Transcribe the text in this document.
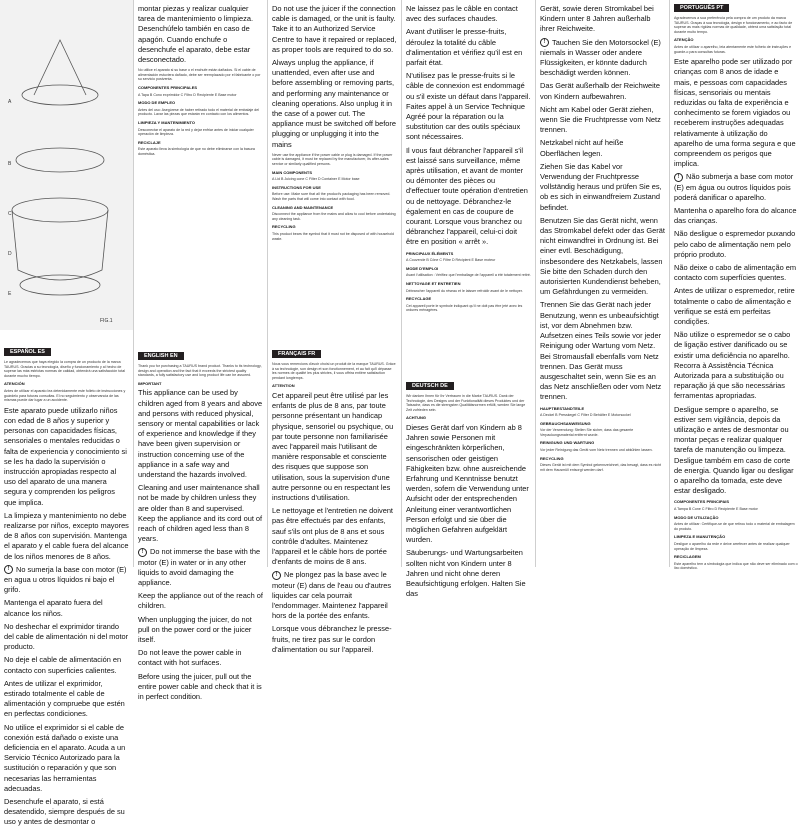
A
B
C
D
E
FIG.1
ESPAÑOL ES

Le agradecemos que haya elegido la compra de un producto de la marca TAURUS. Gracias a su tecnología, diseño y funcionamiento y al hecho de superar las más estrictas normas de calidad, obtendrá una satisfacción total durante mucho tiempo.

ATENCIÓN

Antes de utilizar el aparato lea detenidamente este folleto de instrucciones y guárdelo para futuras consultas. El no seguimiento y observancia de las mismas puede dar lugar a un accidente.

Este aparato puede utilizarlo niños con edad de 8 años y superior y personas con capacidades físicas, sensoriales o mentales reducidas o falta de experiencia y conocimiento si se les ha dado la supervisión o instrucción apropiadas respecto al uso del aparato de una manera segura y comprenden los peligros que implica.

La limpieza y mantenimiento no debe realizarse por niños, excepto mayores de 8 años con supervisión. Mantenga el aparato y el cable fuera del alcance de los niños menores de 8 años.

! No sumerja la base con motor (E) en agua u otros líquidos ni bajo el grifo.

Mantenga el aparato fuera del alcance los niños.

No deshechar el exprimidor tirando del cable de alimentación ni del motor producto.

No deje el cable de alimentación en contacto con superficies calientes.

Antes de utilizar el exprimidor, estirado totalmente el cable de alimentación y compruebe que estén en perfectas condiciones.

No utilice el exprimidor si el cable de conexión está dañado o existe una deficiencia en el aparato. Acuda a un Servicio Técnico Autorizado para la sustitución o reparación y que son necesarias las herramientas adecuadas.

Desenchufe el aparato, si está desatendido, siempre después de su uso y antes de desmontar o

montar piezas y realizar cualquier tarea de mantenimiento o limpieza. Desenchúfelo también en caso de apagón. Cuando enchufe o desenchufe el aparato, debe estar desconectado.

No utilice el aparato si su base o el enchufe están dañados. Si el cable de alimentación estuviera dañado, debe ser reemplazado por el fabricante o por su servicio postventa.

COMPONENTES PRINCIPALES

A Tapa B Cono exprimidor C Filtro D Recipiente E Base motor

MODO DE EMPLEO

Antes del uso: Asegúrese de haber retirado todo el material de embalaje del producto. Lavar las piezas que estarán en contacto con los alimentos.

LIMPIEZA Y MANTENIMIENTO

Desconectar el aparato de la red y dejar enfriar antes de iniciar cualquier operación de limpieza.

RECICLAJE

Este aparato lleva la simbología de que no debe eliminarse con la basura doméstica.

ENGLISH EN

Thank you for purchasing a TAURUS brand product. Thanks to its technology, design and operation and the fact that it exceeds the strictest quality standards, a fully satisfactory use and long product life can be assured.

IMPORTANT

This appliance can be used by children aged from 8 years and above and persons with reduced physical, sensory or mental capabilities or lack of experience and knowledge if they have been given supervision or instruction concerning use of the appliance in a safe way and understand the hazards involved.

Cleaning and user maintenance shall not be made by children unless they are older than 8 and supervised. Keep the appliance and its cord out of reach of children aged less than 8 years.

! Do not immerse the base with the motor (E) in water or in any other liquids to avoid damaging the appliance.

Keep the appliance out of the reach of children.

When unplugging the juicer, do not pull on the power cord or the juicer itself.

Do not leave the power cable in contact with hot surfaces.

Before using the juicer, pull out the entire power cable and check that it is in perfect condition.

Do not use the juicer if the connection cable is damaged, or the unit is faulty. Take it to an Authorized Service Centre to have it repaired or replaced, as proper tools are required to do so.

Always unplug the appliance, if unattended, even after use and before assembling or removing parts, and performing any maintenance or cleaning operations. Also unplug it in the case of a power cut. The appliance must be switched off before plugging or unplugging it into the mains

Never use the appliance if the power cable or plug is damaged. If the power cable is damaged, it must be replaced by the manufacturer, its after-sales service or similarly qualified persons.

MAIN COMPONENTS

A Lid B Juicing cone C Filter D Container E Motor base

INSTRUCTIONS FOR USE

Before use: Make sure that all the product's packaging has been removed. Wash the parts that will come into contact with food.

CLEANING AND MAINTENANCE

Disconnect the appliance from the mains and allow to cool before undertaking any cleaning task.

RECYCLING

This product bears the symbol that it must not be disposed of with household waste.

FRANÇAIS FR

Nous vous remercions d'avoir choisi un produit de la marque TAURUS. Grâce à sa technologie, son design et son fonctionnement, et au fait qu'il dépasse les normes de qualité les plus strictes, il vous offrira entière satisfaction pendant longtemps.

ATTENTION

Cet appareil peut être utilisé par les enfants de plus de 8 ans, par toute personne présentant un handicap physique, sensoriel ou psychique, ou par toute personne non familiarisée avec l'appareil mais l'utilisant de manière responsable et consciente des risques que suppose son utilisation, sous la supervision d'une autre personne ou en respectant les instructions d'utilisation.

Le nettoyage et l'entretien ne doivent pas être effectués par des enfants, sauf s'ils ont plus de 8 ans et sous contrôle d'adultes. Maintenez l'appareil et le câble hors de portée d'enfants de moins de 8 ans.

! Ne plongez pas la base avec le moteur (E) dans de l'eau ou d'autres liquides car cela pourrait l'endommager. Maintenez l'appareil hors de la portée des enfants.

Lorsque vous débranchez le presse-fruits, ne tirez pas sur le cordon d'alimentation ou sur l'appareil.

Ne laissez pas le câble en contact avec des surfaces chaudes.

Avant d'utiliser le presse-fruits, déroulez la totalité du câble d'alimentation et vérifiez qu'il est en parfait état.

N'utilisez pas le presse-fruits si le câble de connexion est endommagé ou s'il existe un défaut dans l'appareil. Faites appel à un Service Technique Agréé pour la réparation ou la substitution car des outils spéciaux sont nécessaires.

Il vous faut débrancher l'appareil s'il est laissé sans surveillance, même après utilisation, et avant de monter ou démonter des pièces ou d'effectuer toute opération d'entretien ou de nettoyage. Débranchez-le également en cas de coupure de courant. Lorsque vous branchez ou débranchez l'appareil, celui-ci doit être en position « arrêt ».

PRINCIPAUX ÉLÉMENTS

A Couvercle B Cône C Filtre D Récipient E Base moteur

MODE D'EMPLOI

Avant l'utilisation : Vérifiez que l'emballage de l'appareil a été totalement retiré.

NETTOYAGE ET ENTRETIEN

Débrancher l'appareil du réseau et le laisser refroidir avant de le nettoyer.

RECYCLAGE

Cet appareil porte le symbole indiquant qu'il ne doit pas être jeté avec les ordures ménagères.

DEUTSCH DE

Wir danken Ihnen für Ihr Vertrauen in die Marke TAURUS. Dank der Technologie, des Designs und der Funktionalität dieses Produktes und der Tatsache, dass es die strengsten Qualitätsnormen erfüllt, werden Sie lange Zeit zufrieden sein.

ACHTUNG

Dieses Gerät darf von Kindern ab 8 Jahren sowie Personen mit eingeschränkten körperlichen, sensorischen oder geistigen Fähigkeiten bzw. ohne ausreichende Erfahrung und Kenntnisse benutzt werden, sofern die Verwendung unter Aufsicht oder der entsprechenden Anleitung einer verantwortlichen Person erfolgt und sie über die möglichen Gefahren aufgeklärt wurden.

Säuberungs- und Wartungsarbeiten sollten nicht von Kindern unter 8 Jahren und nicht ohne deren Beaufsichtigung erfolgen. Halten Sie das

Gerät, sowie deren Stromkabel bei Kindern unter 8 Jahren außerhalb ihrer Reichweite.

! Tauchen Sie den Motorsockel (E) niemals in Wasser oder andere Flüssigkeiten, er könnte dadurch beschädigt werden können.

Das Gerät außerhalb der Reichweite von Kindern aufbewahren.

Nicht am Kabel oder Gerät ziehen, wenn Sie die Fruchtpresse vom Netz trennen.

Netzkabel nicht auf heiße Oberflächen legen.

Ziehen Sie das Kabel vor Verwendung der Fruchtpresse vollständig heraus und prüfen Sie es, ob es sich in einwandfreiem Zustand befindet.

Benutzen Sie das Gerät nicht, wenn das Stromkabel defekt oder das Gerät nicht einwandfrei in Ordnung ist. Bei einer evtl. Beschädigung, insbesondere des Netzkabels, lassen Sie bitte den Schaden durch den autorisierten Kundendienst beheben, um Gefährdungen zu vermeiden.

Trennen Sie das Gerät nach jeder Benutzung, wenn es unbeaufsichtigt ist, vor dem Abnehmen bzw. Aufsetzen eines Teils sowie vor jeder Reinigung oder Wartung vom Netz. Bei Stromausfall ebenfalls vom Netz trennen. Das Gerät muss ausgeschaltet sein, wenn Sie es an das Netz anschließen oder vom Netz trennen.

HAUPTBESTANDTEILE

A Deckel B Presskegel C Filter D Behälter E Motorsockel

GEBRAUCHSANWEISUNG

Vor der Verwendung: Stellen Sie sicher, dass das gesamte Verpackungsmaterial entfernt wurde.

REINIGUNG UND WARTUNG

Vor jeder Reinigung das Gerät vom Netz trennen und abkühlen lassen.

RECYCLING

Dieses Gerät ist mit dem Symbol gekennzeichnet, das besagt, dass es nicht mit dem Hausmüll entsorgt werden darf.

PORTUGUÊS PT

Agradecemos a sua preferência pela compra de um produto da marca TAURUS. Graças à sua tecnologia, design e funcionamento, e ao facto de superar as mais rígidas normas de qualidade, obterá uma satisfação total durante muito tempo.

ATENÇÃO

Antes de utilizar o aparelho, leia atentamente este folheto de instruções e guarde-o para consultas futuras.

Este aparelho pode ser utilizado por crianças com 8 anos de idade e mais, e pessoas com capacidades físicas, sensoriais ou mentais reduzidas ou falta de experiência e conhecimento se forem vigiados ou receberem instruções adequadas relativamente à utilização do aparelho de uma forma segura e que compreendem os perigos que implica.

! Não submerja a base com motor (E) em água ou outros líquidos pois poderá danificar o aparelho.

Mantenha o aparelho fora do alcance das crianças.

Não desligue o espremedor puxando pelo cabo de alimentação nem pelo próprio produto.

Não deixe o cabo de alimentação em contacto com superfícies quentes.

Antes de utilizar o espremedor, retire totalmente o cabo de alimentação e verifique se está em perfeitas condições.

Não utilize o espremedor se o cabo de ligação estiver danificado ou se existir uma deficiência no aparelho. Recorra à Assistência Técnica Autorizada para a substituição ou reparação já que são necessárias ferramentas apropriadas.

Desligue sempre o aparelho, se estiver sem vigilância, depois da utilização e antes de desmontar ou montar peças e realizar qualquer tarefa de manutenção ou limpeza. Desligue também em caso de corte de energia. Quando ligar ou desligar o aparelho da tomada, este deve estar desligado.

COMPONENTES PRINCIPAIS

A Tampa B Cone C Filtro D Recipiente E Base motor

MODO DE UTILIZAÇÃO

Antes de utilizar: Certifique-se de que retirou todo o material de embalagem do produto.

LIMPEZA E MANUTENÇÃO

Desligue o aparelho da rede e deixe arrefecer antes de realizar qualquer operação de limpeza.

RECICLAGEM

Este aparelho tem a simbologia que indica que não deve ser eliminado com o lixo doméstico.
